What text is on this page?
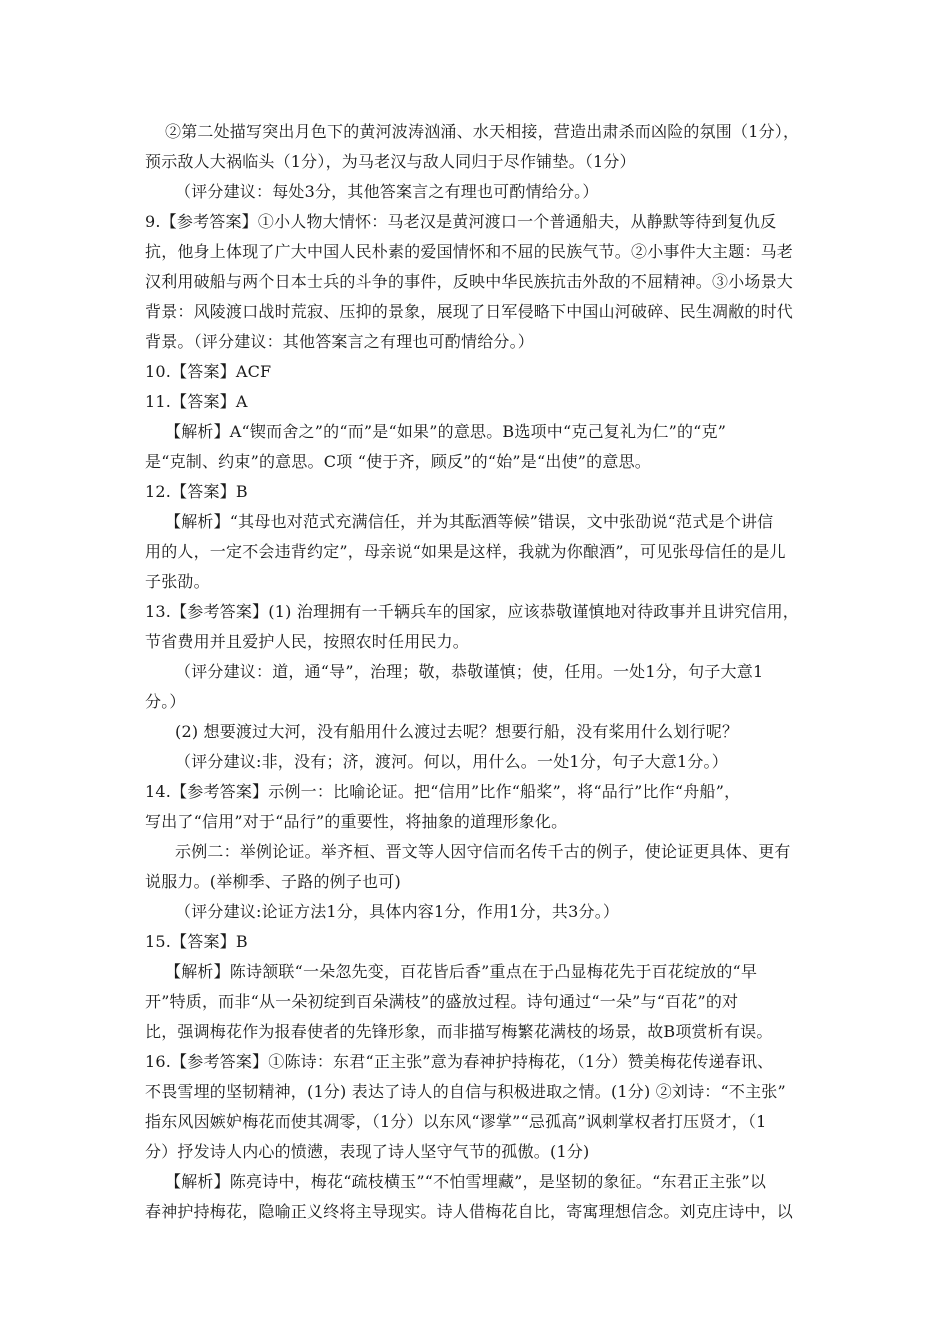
②第二处描写突出月色下的黄河波涛汹涌、水天相接，营造出肃杀而凶险的氛围（1分），
预示敌人大祸临头（1分），为马老汉与敌人同归于尽作铺垫。（1分）
（评分建议：每处3分，其他答案言之有理也可酌情给分。）
9.【参考答案】①小人物大情怀：马老汉是黄河渡口一个普通船夫，从静默等待到复仇反
抗，他身上体现了广大中国人民朴素的爱国情怀和不屈的民族气节。②小事件大主题：马老
汉利用破船与两个日本士兵的斗争的事件，反映中华民族抗击外敌的不屈精神。③小场景大
背景：风陵渡口战时荒寂、压抑的景象，展现了日军侵略下中国山河破碎、民生凋敝的时代
背景。（评分建议：其他答案言之有理也可酌情给分。）
10.【答案】ACF
11.【答案】A
【解析】A“锲而舍之”的“而”是“如果”的意思。B选项中“克己复礼为仁”的“克”
是“克制、约束”的意思。C项 “使于齐，顾反”的“始”是“出使”的意思。
12.【答案】B
【解析】“其母也对范式充满信任，并为其酝酒等候”错误，文中张劭说“范式是个讲信
用的人，一定不会违背约定”，母亲说“如果是这样，我就为你酿酒”，可见张母信任的是儿
子张劭。
13.【参考答案】(1) 治理拥有一千辆兵车的国家，应该恭敬谨慎地对待政事并且讲究信用，
节省费用并且爱护人民，按照农时任用民力。
（评分建议：道，通“导”，治理；敬，恭敬谨慎；使，任用。一处1分，句子大意1
分。）
(2) 想要渡过大河，没有船用什么渡过去呢？想要行船，没有桨用什么划行呢？
（评分建议:非，没有；济，渡河。何以，用什么。一处1分，句子大意1分。）
14.【参考答案】示例一：比喻论证。把“信用”比作“船桨”，将“品行”比作“舟船”，
写出了“信用”对于“品行”的重要性，将抽象的道理形象化。
示例二：举例论证。举齐桓、晋文等人因守信而名传千古的例子，使论证更具体、更有
说服力。(举柳季、子路的例子也可)
（评分建议:论证方法1分，具体内容1分，作用1分，共3分。）
15.【答案】B
【解析】陈诗颔联“一朵忽先变，百花皆后香”重点在于凸显梅花先于百花绽放的“早
开”特质，而非“从一朵初绽到百朵满枝”的盛放过程。诗句通过“一朵”与“百花”的对
比，强调梅花作为报春使者的先锋形象，而非描写梅繁花满枝的场景，故B项赏析有误。
16.【参考答案】①陈诗：东君“正主张”意为春神护持梅花，（1分）赞美梅花传递春讯、
不畏雪埋的坚韧精神，(1分) 表达了诗人的自信与积极进取之情。(1分) ②刘诗：“不主张”
指东风因嫉妒梅花而使其凋零，（1分）以东风“谬掌”“忌孤高”讽刺掌权者打压贤才，（1
分）抒发诗人内心的愤懑，表现了诗人坚守气节的孤傲。(1分)
【解析】陈亮诗中，梅花“疏枝横玉”“不怕雪埋藏”，是坚韧的象征。“东君正主张”以
春神护持梅花，隐喻正义终将主导现实。诗人借梅花自比，寄寓理想信念。刘克庄诗中，以
